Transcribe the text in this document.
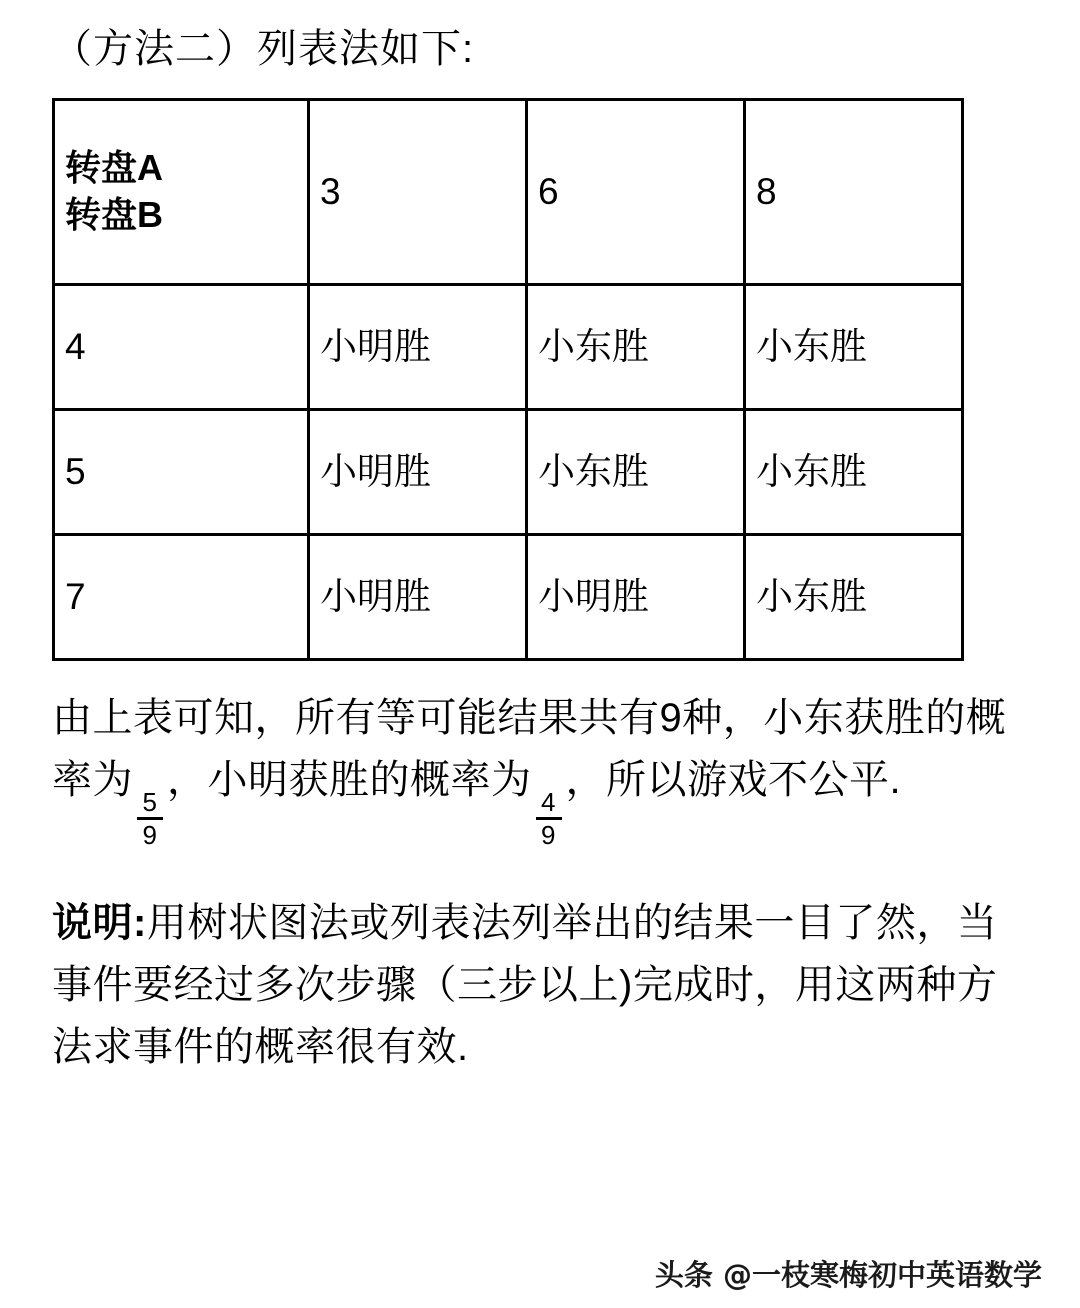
（方法二）列表法如下:

转盘A
转盘B	3	6	8
4	小明胜	小东胜	小东胜
5	小明胜	小东胜	小东胜
7	小明胜	小明胜	小东胜

由上表可知，所有等可能结果共有9种，小东获胜的概率为
$\frac{5}{9}$
，小明获胜的概率为
$\frac{4}{9}$
，所以游戏不公平.

说明:用树状图法或列表法列举出的结果一目了然，当事件要经过多次步骤（三步以上)完成时，用这两种方法求事件的概率很有效.

头条 @一枝寒梅初中英语数学
